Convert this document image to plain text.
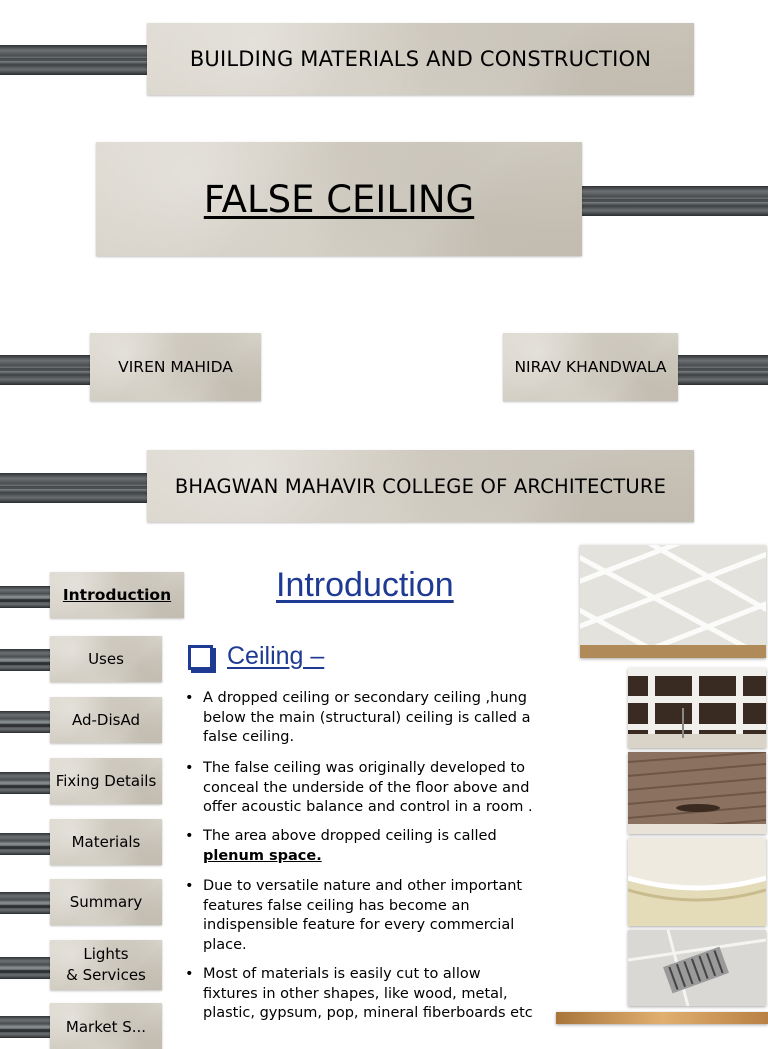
BUILDING MATERIALS AND CONSTRUCTION
FALSE CEILING
VIREN MAHIDA	NIRAV KHANDWALA
BHAGWAN MAHAVIR COLLEGE OF ARCHITECTURE
Introduction
Uses
Ad-DisAd
Fixing Details
Materials
Summary
Lights
& Services
Market S...
Introduction
Ceiling –
• A dropped ceiling or secondary ceiling ,hung below the main (structural) ceiling is called a false ceiling.
• The false ceiling was originally developed to conceal the underside of the floor above and offer acoustic balance and control in a room .
• The area above dropped ceiling is called plenum space.
• Due to versatile nature and other important features false ceiling has become an indispensible feature for every commercial place.
• Most of materials is easily cut to allow fixtures in other shapes, like wood, metal, plastic, gypsum, pop, mineral fiberboards etc
